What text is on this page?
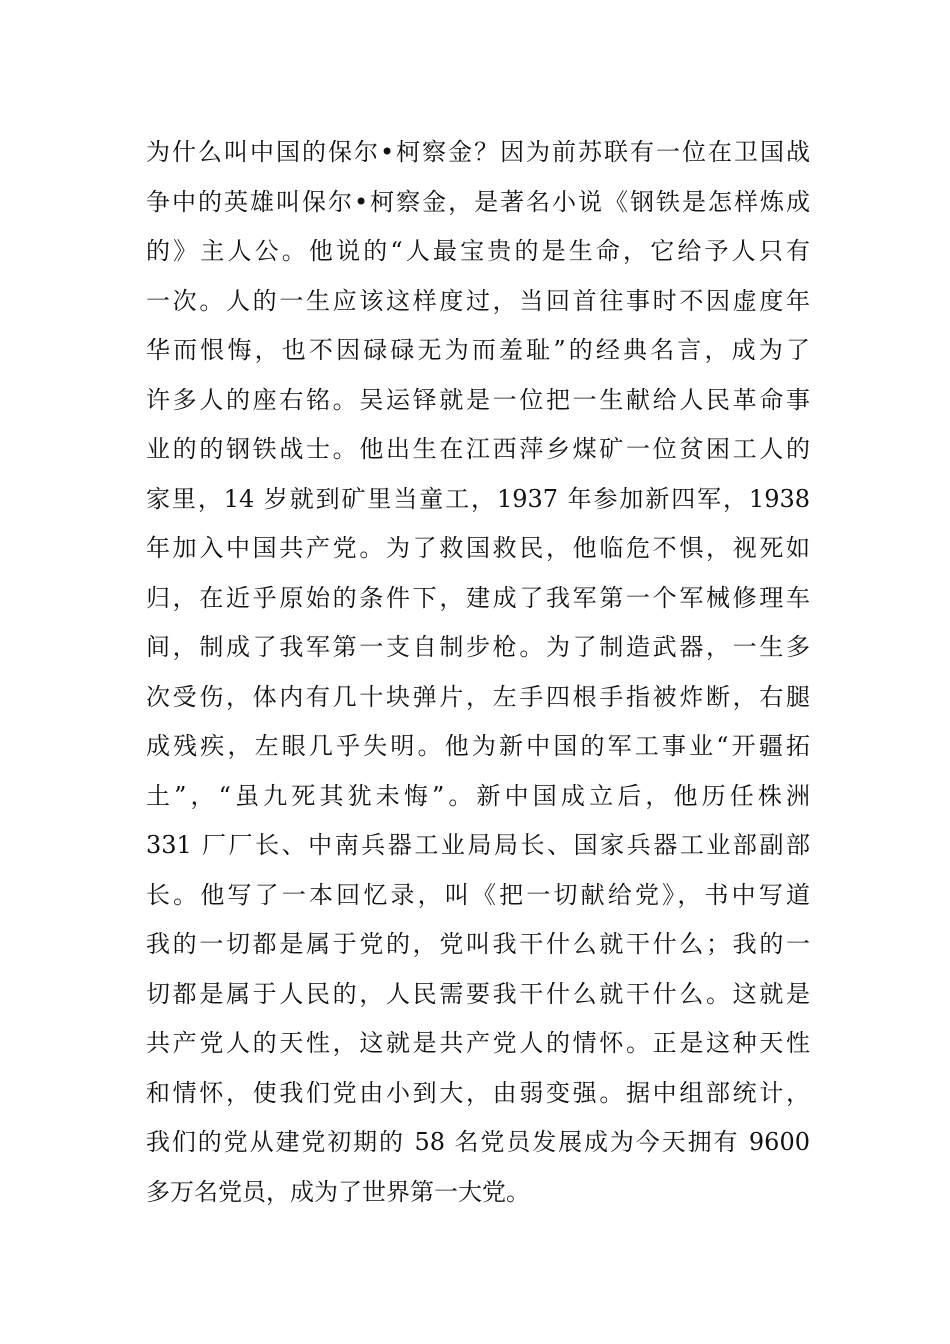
为什么叫中国的保尔•柯察金？因为前苏联有一位在卫国战
争中的英雄叫保尔•柯察金，是著名小说《钢铁是怎样炼成
的》主人公。他说的“人最宝贵的是生命，它给予人只有
一次。人的一生应该这样度过，当回首往事时不因虚度年
华而恨悔，也不因碌碌无为而羞耻”的经典名言，成为了
许多人的座右铭。吴运铎就是一位把一生献给人民革命事
业的的钢铁战士。他出生在江西萍乡煤矿一位贫困工人的
家里，14 岁就到矿里当童工，1937 年参加新四军，1938
年加入中国共产党。为了救国救民，他临危不惧，视死如
归，在近乎原始的条件下，建成了我军第一个军械修理车
间，制成了我军第一支自制步枪。为了制造武器，一生多
次受伤，体内有几十块弹片，左手四根手指被炸断，右腿
成残疾，左眼几乎失明。他为新中国的军工事业“开疆拓
土”，“虽九死其犹未悔”。新中国成立后，他历任株洲
331 厂厂长、中南兵器工业局局长、国家兵器工业部副部
长。他写了一本回忆录，叫《把一切献给党》，书中写道
我的一切都是属于党的，党叫我干什么就干什么；我的一
切都是属于人民的，人民需要我干什么就干什么。这就是
共产党人的天性，这就是共产党人的情怀。正是这种天性
和情怀，使我们党由小到大，由弱变强。据中组部统计，
我们的党从建党初期的 58 名党员发展成为今天拥有 9600
多万名党员，成为了世界第一大党。
